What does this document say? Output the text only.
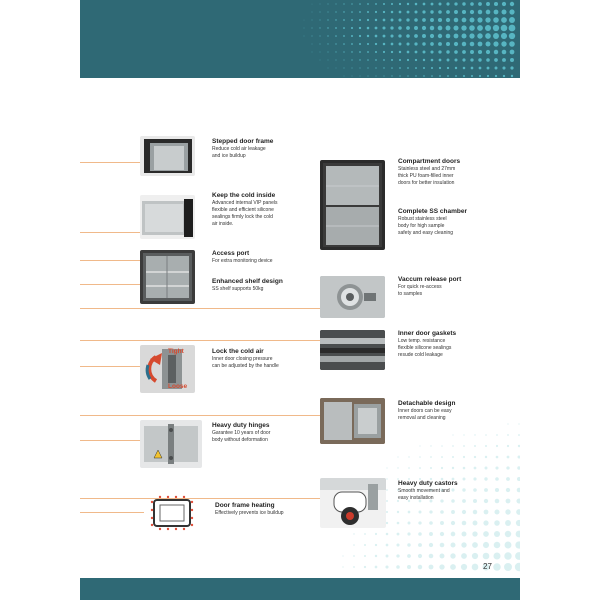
Stepped door frame
Reduce cold air leakage
and ice buildup
Keep the cold inside
Advanced internal VIP panels
flexible and efficient silicone
sealings firmly lock the cold
air inside.
Access port
For extra monitoring device
Enhanced shelf design
SS shelf supports 50kg
Tight
Loose
Lock the cold air
Inner door closing pressure
can be adjusted by the handle
Heavy duty hinges
Garantee 10 years of door
body without deformation
Door frame heating
Effectively prevents ice buildup
Compartment doors
Stainless steel and 27mm
thick PU foam-filled inner
doors for better insulation
Complete SS chamber
Robust stainless steel
body for high sample
safety and easy cleaning
Vaccum release port
For quick re-access
to samples
Inner door gaskets
Low temp. resistance
flexible silicone sealings
resude cold leakage
Detachable design
Inner doors can be easy
removal and cleaning
Heavy duty castors
Smooth movement and
easy installation
27
